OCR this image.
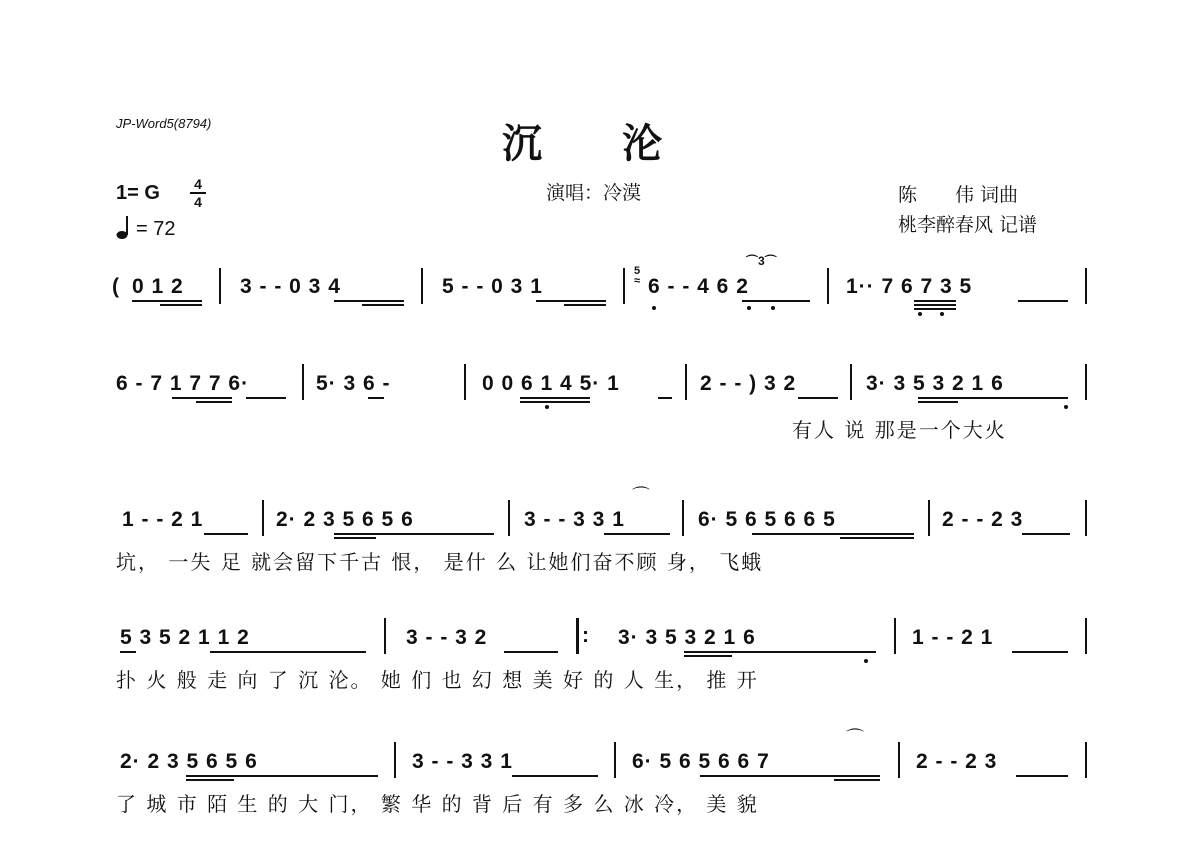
JP-Word5(8794)	沉　　沦
演唱：冷漠	陈　　伟 词曲
桃李醉春风 记谱
1= G	4
4
= 72
( 0 1 2	3 - - 0 3 4	5 - - 0 3 1
5
≈ 6 - - 4 6 2
⌒3⌒
1·· 7 6 7 3 5
6 - 7 1 7 7 6·	5· 3 6 -	0 0 6 1 4 5· 1	2 - - ) 3 2	3· 3 5 3 2 1 6
有人 说 那是一个大火
1 - - 2 1	2· 2 3 5 6 5 6	3 - - 3 3 1
⌒
6· 5 6 5 6 6 5	2 - - 2 3
坑， 一失 足 就会留下千古 恨， 是什 么 让她们奋不顾 身， 飞蛾
5 3 5 2 1 1 2	3 - - 3 2	: 3· 3 5 3 2 1 6	1 - - 2 1
扑 火 般 走 向 了 沉 沦。 她 们 也 幻 想 美 好 的 人 生， 推 开
2· 2 3 5 6 5 6	3 - - 3 3 1	6· 5 6 5 6 6 7
⌒
2 - - 2 3
了 城 市 陌 生 的 大 门， 繁 华 的 背 后 有 多 么 冰 冷， 美 貌
